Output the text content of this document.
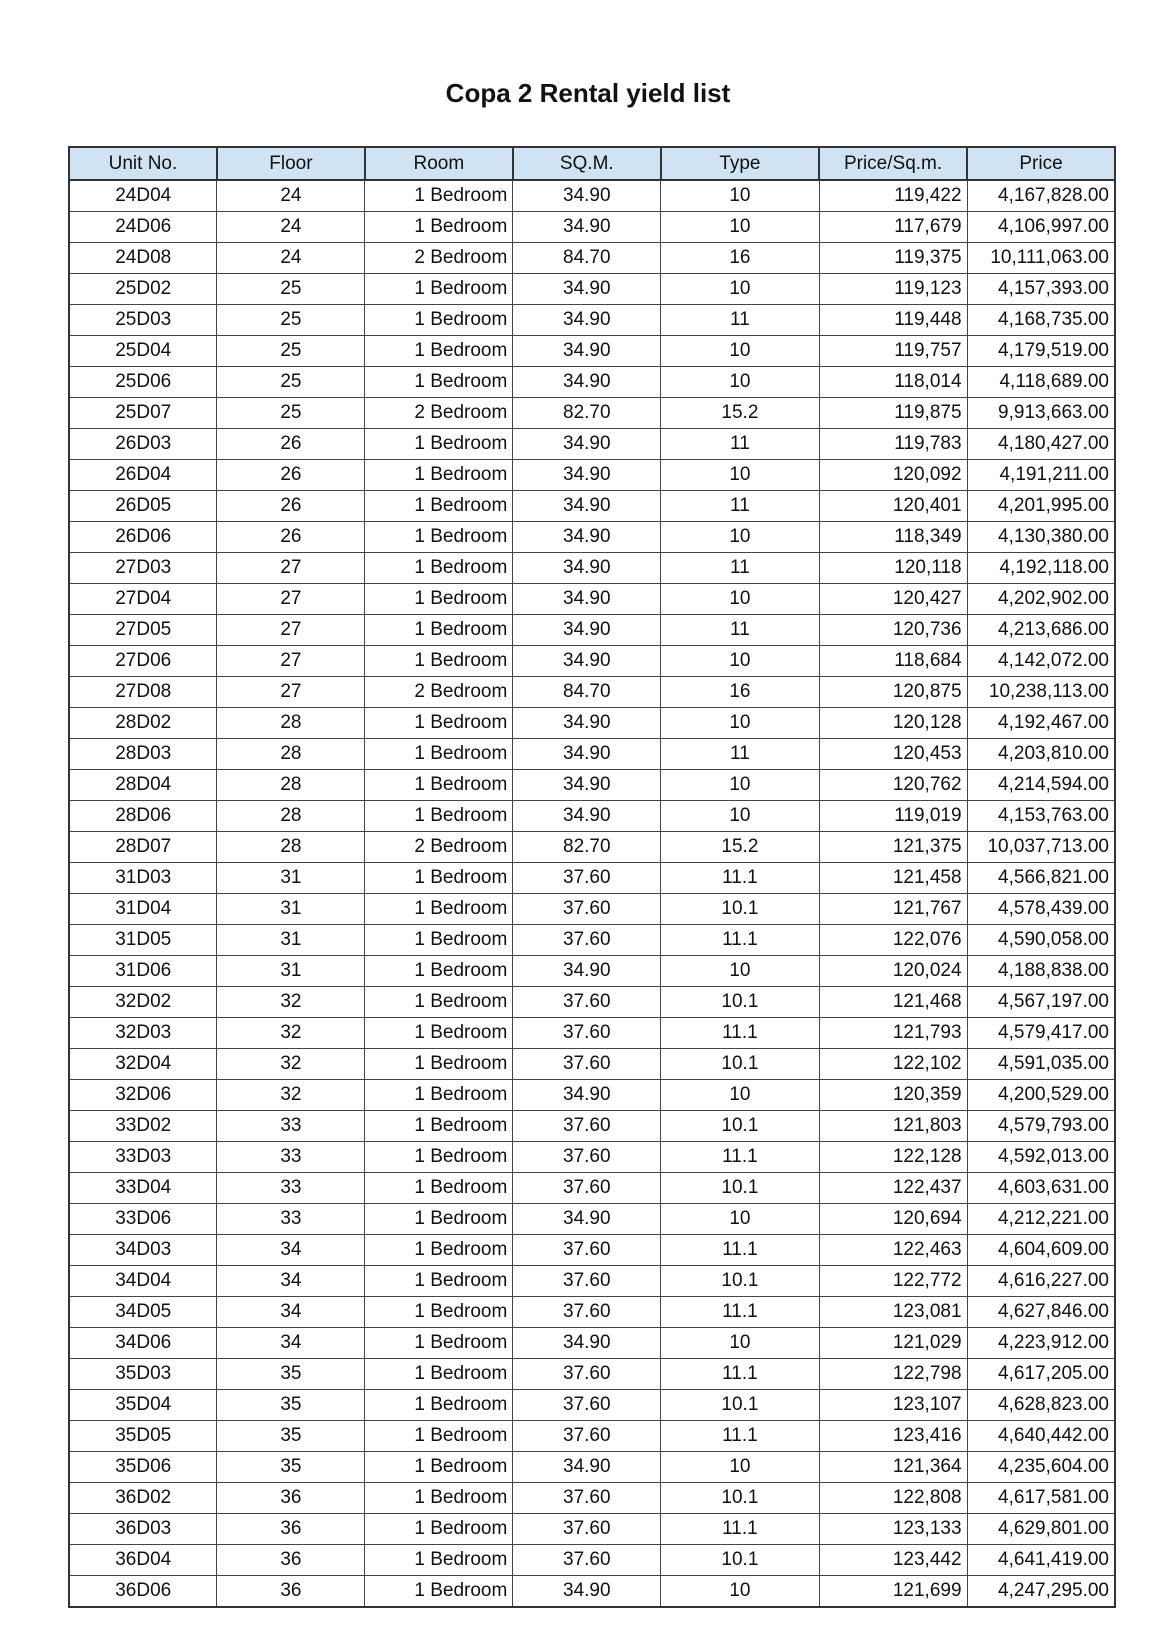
Copa 2 Rental yield list
Unit No.	Floor	Room	SQ.M.	Type	Price/Sq.m.	Price
24D04	24	1 Bedroom	34.90	10	119,422	4,167,828.00
24D06	24	1 Bedroom	34.90	10	117,679	4,106,997.00
24D08	24	2 Bedroom	84.70	16	119,375	10,111,063.00
25D02	25	1 Bedroom	34.90	10	119,123	4,157,393.00
25D03	25	1 Bedroom	34.90	11	119,448	4,168,735.00
25D04	25	1 Bedroom	34.90	10	119,757	4,179,519.00
25D06	25	1 Bedroom	34.90	10	118,014	4,118,689.00
25D07	25	2 Bedroom	82.70	15.2	119,875	9,913,663.00
26D03	26	1 Bedroom	34.90	11	119,783	4,180,427.00
26D04	26	1 Bedroom	34.90	10	120,092	4,191,211.00
26D05	26	1 Bedroom	34.90	11	120,401	4,201,995.00
26D06	26	1 Bedroom	34.90	10	118,349	4,130,380.00
27D03	27	1 Bedroom	34.90	11	120,118	4,192,118.00
27D04	27	1 Bedroom	34.90	10	120,427	4,202,902.00
27D05	27	1 Bedroom	34.90	11	120,736	4,213,686.00
27D06	27	1 Bedroom	34.90	10	118,684	4,142,072.00
27D08	27	2 Bedroom	84.70	16	120,875	10,238,113.00
28D02	28	1 Bedroom	34.90	10	120,128	4,192,467.00
28D03	28	1 Bedroom	34.90	11	120,453	4,203,810.00
28D04	28	1 Bedroom	34.90	10	120,762	4,214,594.00
28D06	28	1 Bedroom	34.90	10	119,019	4,153,763.00
28D07	28	2 Bedroom	82.70	15.2	121,375	10,037,713.00
31D03	31	1 Bedroom	37.60	11.1	121,458	4,566,821.00
31D04	31	1 Bedroom	37.60	10.1	121,767	4,578,439.00
31D05	31	1 Bedroom	37.60	11.1	122,076	4,590,058.00
31D06	31	1 Bedroom	34.90	10	120,024	4,188,838.00
32D02	32	1 Bedroom	37.60	10.1	121,468	4,567,197.00
32D03	32	1 Bedroom	37.60	11.1	121,793	4,579,417.00
32D04	32	1 Bedroom	37.60	10.1	122,102	4,591,035.00
32D06	32	1 Bedroom	34.90	10	120,359	4,200,529.00
33D02	33	1 Bedroom	37.60	10.1	121,803	4,579,793.00
33D03	33	1 Bedroom	37.60	11.1	122,128	4,592,013.00
33D04	33	1 Bedroom	37.60	10.1	122,437	4,603,631.00
33D06	33	1 Bedroom	34.90	10	120,694	4,212,221.00
34D03	34	1 Bedroom	37.60	11.1	122,463	4,604,609.00
34D04	34	1 Bedroom	37.60	10.1	122,772	4,616,227.00
34D05	34	1 Bedroom	37.60	11.1	123,081	4,627,846.00
34D06	34	1 Bedroom	34.90	10	121,029	4,223,912.00
35D03	35	1 Bedroom	37.60	11.1	122,798	4,617,205.00
35D04	35	1 Bedroom	37.60	10.1	123,107	4,628,823.00
35D05	35	1 Bedroom	37.60	11.1	123,416	4,640,442.00
35D06	35	1 Bedroom	34.90	10	121,364	4,235,604.00
36D02	36	1 Bedroom	37.60	10.1	122,808	4,617,581.00
36D03	36	1 Bedroom	37.60	11.1	123,133	4,629,801.00
36D04	36	1 Bedroom	37.60	10.1	123,442	4,641,419.00
36D06	36	1 Bedroom	34.90	10	121,699	4,247,295.00
